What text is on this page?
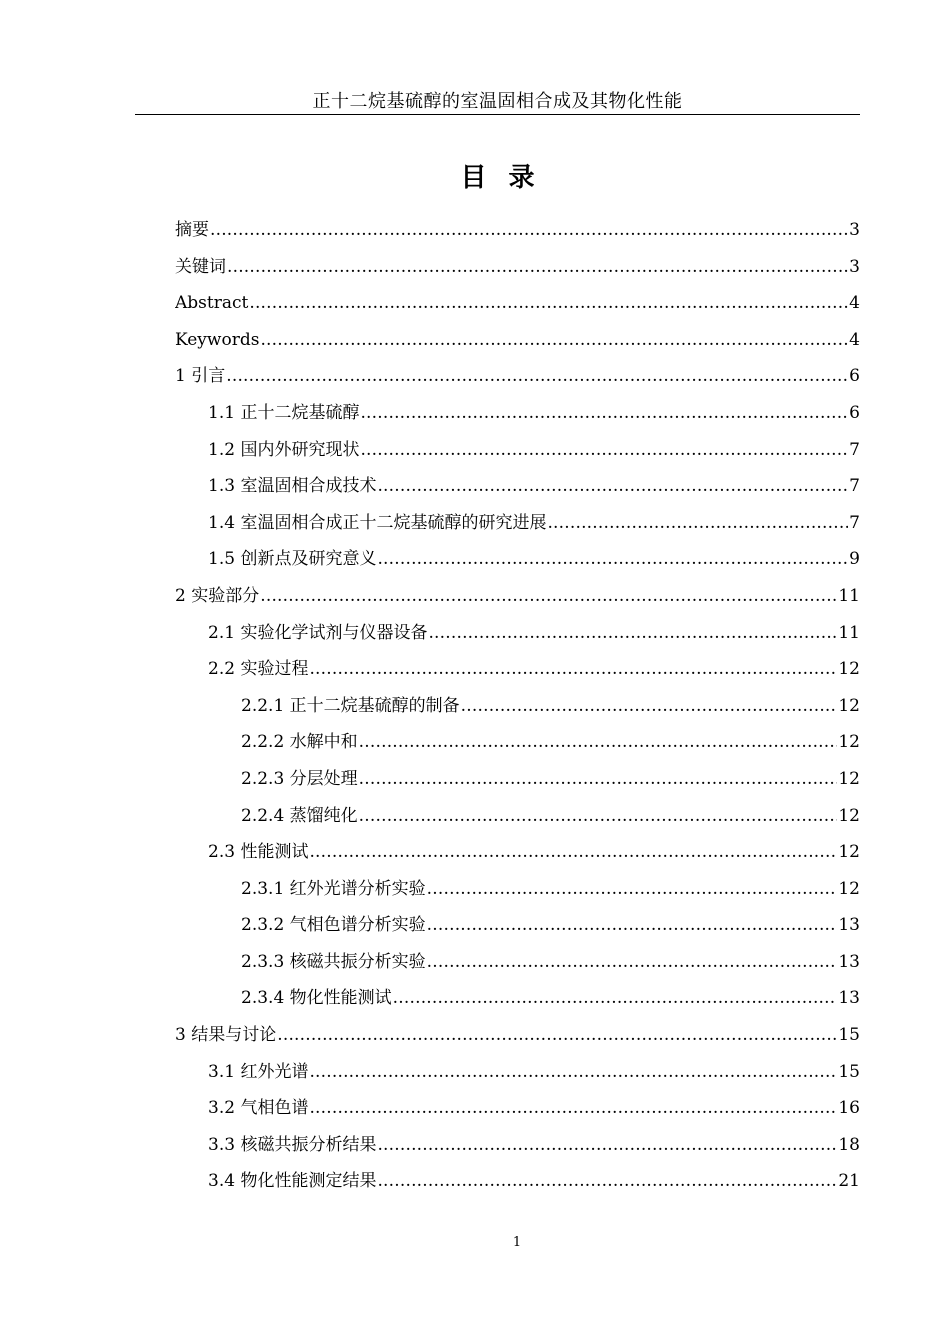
正十二烷基硫醇的室温固相合成及其物化性能
目录
摘要 .....	3
关键词 .....	3
Abstract .....	4
Keywords .....	4
1 引言 .....	6
1.1 正十二烷基硫醇 .....	6
1.2 国内外研究现状 .....	7
1.3 室温固相合成技术 .....	7
1.4 室温固相合成正十二烷基硫醇的研究进展 .....	7
1.5 创新点及研究意义 .....	9
2 实验部分 .....	11
2.1 实验化学试剂与仪器设备 .....	11
2.2 实验过程 .....	12
2.2.1 正十二烷基硫醇的制备 .....	12
2.2.2 水解中和 .....	12
2.2.3 分层处理 .....	12
2.2.4 蒸馏纯化 .....	12
2.3 性能测试 .....	12
2.3.1 红外光谱分析实验 .....	12
2.3.2 气相色谱分析实验 .....	13
2.3.3 核磁共振分析实验 .....	13
2.3.4 物化性能测试 .....	13
3 结果与讨论 .....	15
3.1 红外光谱 .....	15
3.2 气相色谱 .....	16
3.3 核磁共振分析结果 .....	18
3.4 物化性能测定结果 .....	21
1
